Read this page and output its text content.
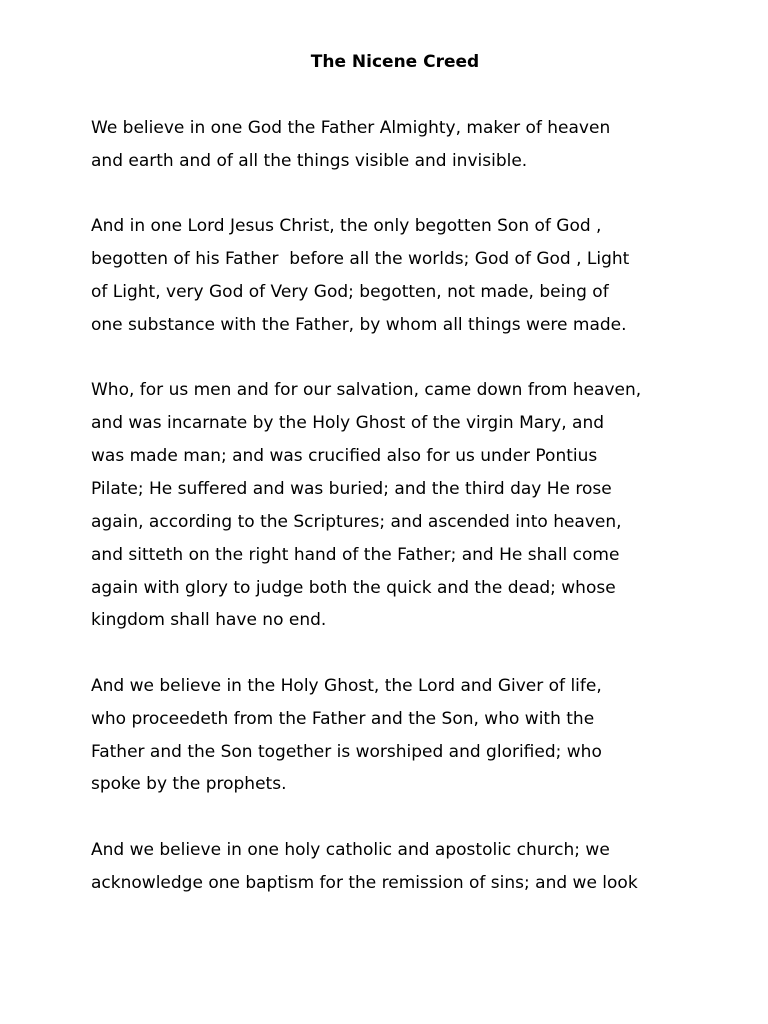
The Nicene Creed
We believe in one God the Father Almighty, maker of heaven
and earth and of all the things visible and invisible.
And in one Lord Jesus Christ, the only begotten Son of God ,
begotten of his Father  before all the worlds; God of God , Light
of Light, very God of Very God; begotten, not made, being of
one substance with the Father, by whom all things were made.
Who, for us men and for our salvation, came down from heaven,
and was incarnate by the Holy Ghost of the virgin Mary, and
was made man; and was crucified also for us under Pontius
Pilate; He suffered and was buried; and the third day He rose
again, according to the Scriptures; and ascended into heaven,
and sitteth on the right hand of the Father; and He shall come
again with glory to judge both the quick and the dead; whose
kingdom shall have no end.
And we believe in the Holy Ghost, the Lord and Giver of life,
who proceedeth from the Father and the Son, who with the
Father and the Son together is worshiped and glorified; who
spoke by the prophets.
And we believe in one holy catholic and apostolic church; we
acknowledge one baptism for the remission of sins; and we look
